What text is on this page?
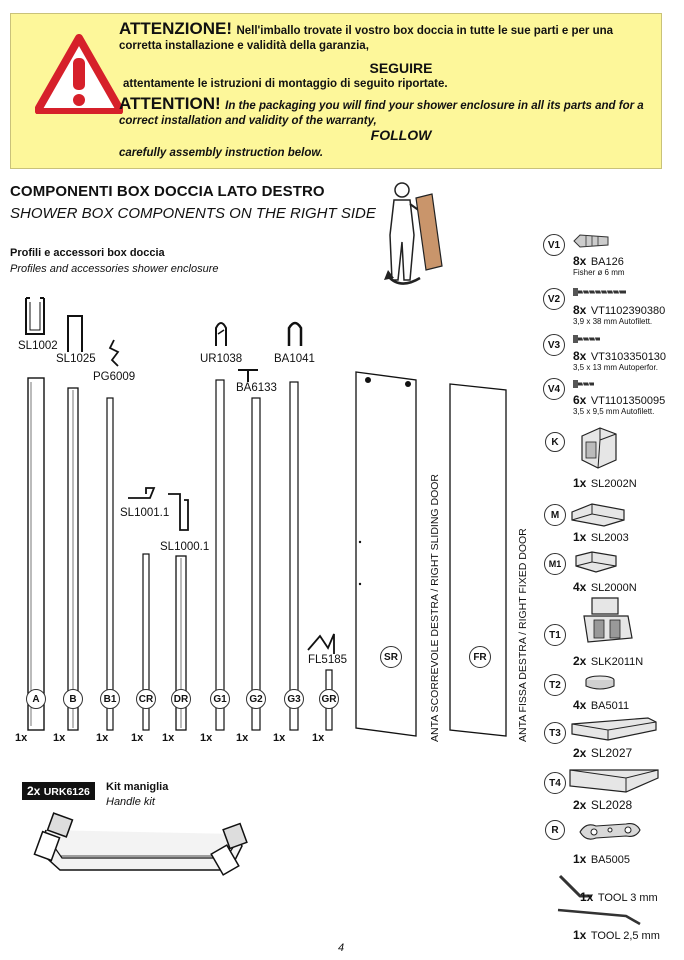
ATTENZIONE! Nell'imballo trovate il vostro box doccia in tutte le sue parti e per una corretta installazione e validità della garanzia,
SEGUIRE
attentamente le istruzioni di montaggio di seguito riportate.
ATTENTION! In the packaging you will find your shower enclosure in all its parts and for a correct installation and validity of the warranty,
FOLLOW
carefully assembly instruction below.
COMPONENTI BOX DOCCIA LATO DESTRO
SHOWER BOX COMPONENTS ON THE RIGHT SIDE
Profili e accessori box doccia
Profiles and accessories shower enclosure
SL1002
SL1025
PG6009
UR1038	BA1041
BA6133
SL1001.1
SL1000.1
FL5185
A	B	B1	CR DR	G1	G2	G3	GR
1x 1x	1x 1x 1x 1x 1x 1x 1x
SR	FR
ANTA SCORREVOLE DESTRA / RIGHT SLIDING DOOR	ANTA FISSA DESTRA / RIGHT FIXED DOOR
2x URK6126	Kit maniglia
Handle kit
V1
8x BA126
Fisher ø 6 mm
V2
8x VT1102390380
3,9 x 38 mm Autofilett.
V3
8x VT3103350130
3,5 x 13 mm Autoperfor.
V4
6x VT1101350095
3,5 x 9,5 mm Autofilett.
K
1x SL2002N
M
1x SL2003
M1
4x SL2000N
T1
2x SLK2011N
T2
4x BA5011
T3
2x SL2027
T4
2x SL2028
R
1x BA5005
1x TOOL 3 mm
1x TOOL 2,5 mm
4
